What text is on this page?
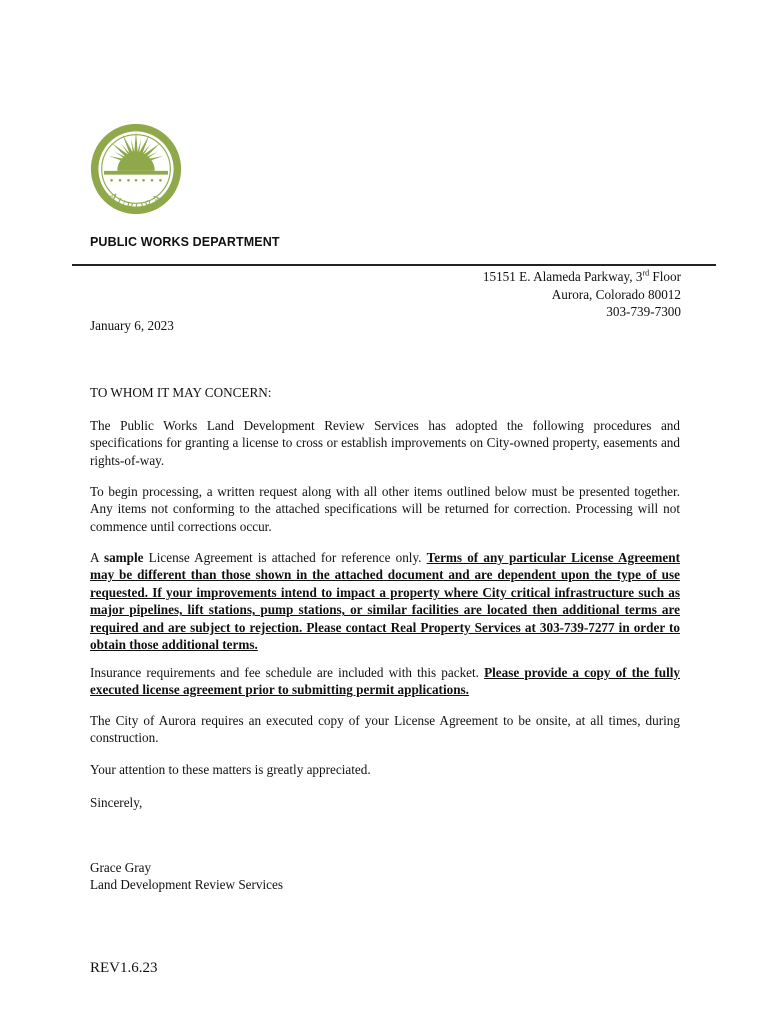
AURORA
PUBLIC WORKS DEPARTMENT
15151 E. Alameda Parkway, 3rd Floor
Aurora, Colorado 80012
303-739-7300
January 6, 2023
TO WHOM IT MAY CONCERN:
The Public Works Land Development Review Services has adopted the following procedures and specifications for granting a license to cross or establish improvements on City-owned property, easements and rights-of-way.
To begin processing, a written request along with all other items outlined below must be presented together. Any items not conforming to the attached specifications will be returned for correction. Processing will not commence until corrections occur.
A sample License Agreement is attached for reference only. Terms of any particular License Agreement may be different than those shown in the attached document and are dependent upon the type of use requested. If your improvements intend to impact a property where City critical infrastructure such as major pipelines, lift stations, pump stations, or similar facilities are located then additional terms are required and are subject to rejection. Please contact Real Property Services at 303-739-7277 in order to obtain those additional terms.
Insurance requirements and fee schedule are included with this packet. Please provide a copy of the fully executed license agreement prior to submitting permit applications.
The City of Aurora requires an executed copy of your License Agreement to be onsite, at all times, during construction.
Your attention to these matters is greatly appreciated.
Sincerely,
Grace Gray
Land Development Review Services
REV1.6.23
